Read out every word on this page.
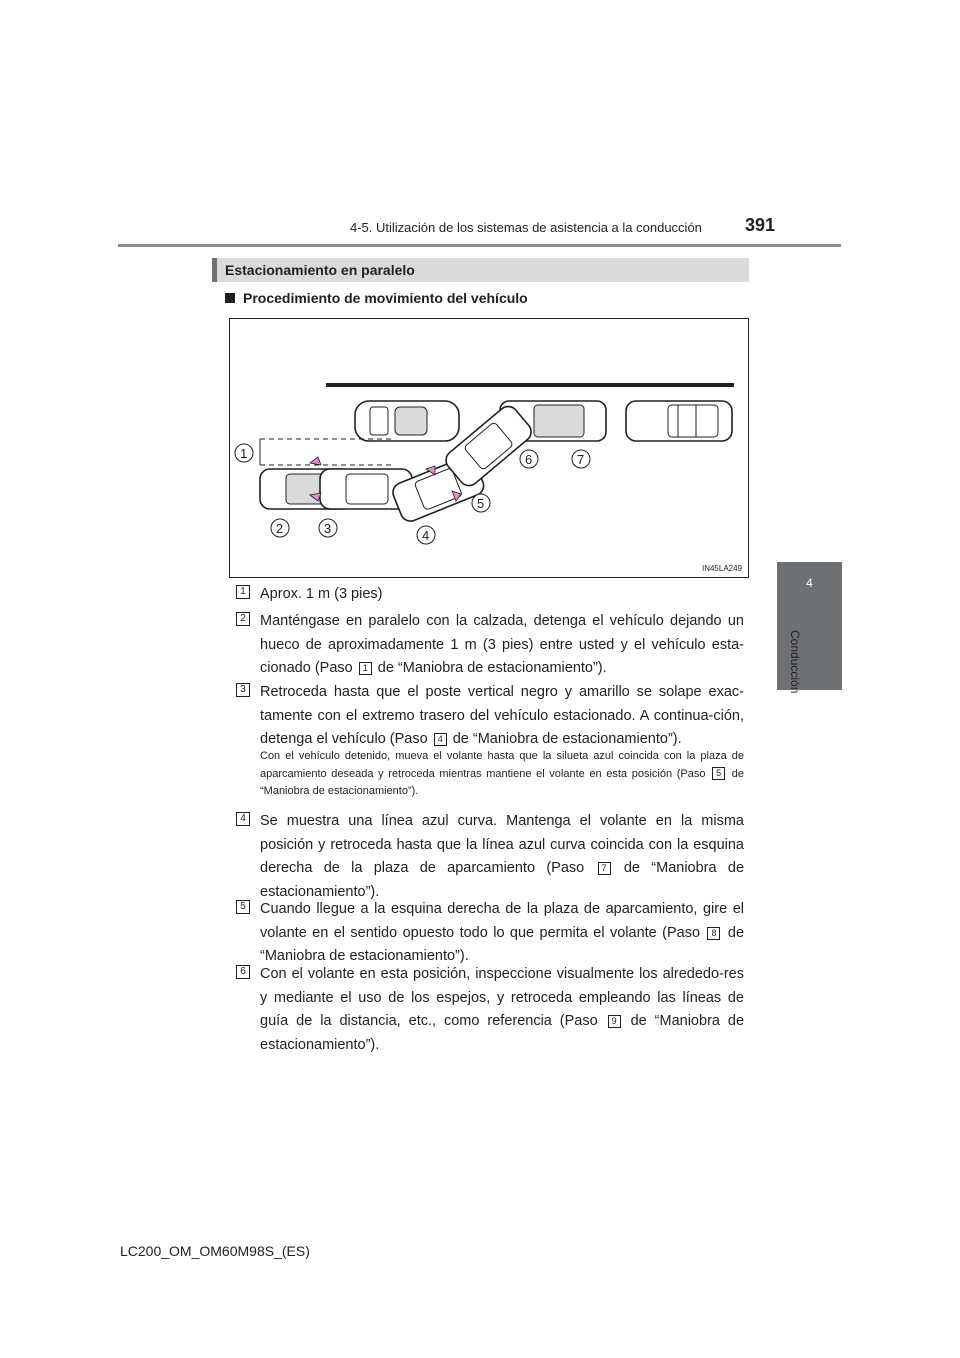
4-5. Utilización de los sistemas de asistencia a la conducción 391
4
Conducción
Estacionamiento en paralelo
Procedimiento de movimiento del vehículo
1
2	3	4
5
6	7
IN45LA249
1 Aprox. 1 m (3 pies)
2 Manténgase en paralelo con la calzada, detenga el vehículo dejando un hueco de aproximadamente 1 m (3 pies) entre usted y el vehículo esta-cionado (Paso 1 de “Maniobra de estacionamiento”).
3 Retroceda hasta que el poste vertical negro y amarillo se solape exac-tamente con el extremo trasero del vehículo estacionado. A continua-ción, detenga el vehículo (Paso 4 de “Maniobra de estacionamiento”).
Con el vehículo detenido, mueva el volante hasta que la silueta azul coincida con la plaza de aparcamiento deseada y retroceda mientras mantiene el volante en esta posición (Paso 5 de “Maniobra de estacionamiento”).
4 Se muestra una línea azul curva. Mantenga el volante en la misma posición y retroceda hasta que la línea azul curva coincida con la esquina derecha de la plaza de aparcamiento (Paso 7 de “Maniobra de estacionamiento”).
5 Cuando llegue a la esquina derecha de la plaza de aparcamiento, gire el volante en el sentido opuesto todo lo que permita el volante (Paso 8 de “Maniobra de estacionamiento”).
6 Con el volante en esta posición, inspeccione visualmente los alrededo-res y mediante el uso de los espejos, y retroceda empleando las líneas de guía de la distancia, etc., como referencia (Paso 9 de “Maniobra de estacionamiento”).
LC200_OM_OM60M98S_(ES)
